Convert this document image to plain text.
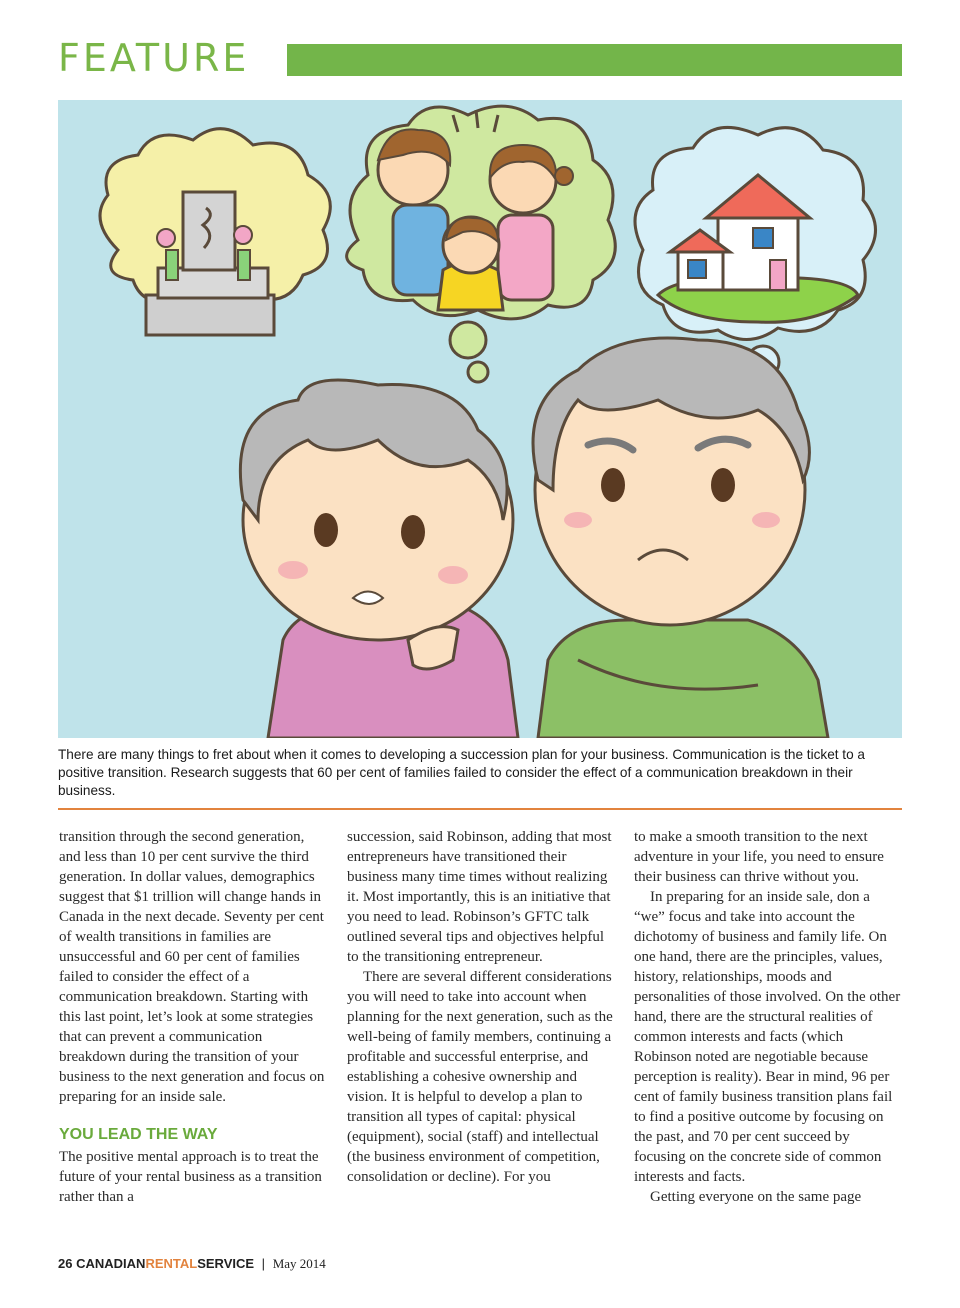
FEATURE
There are many things to fret about when it comes to developing a succession plan for your business. Communication is the ticket to a positive transition. Research suggests that 60 per cent of families failed to consider the effect of a communication breakdown in their business.

transition through the second generation, and less than 10 per cent survive the third generation. In dollar values, demographics suggest that $1 trillion will change hands in Canada in the next decade. Seventy per cent of wealth transitions in families are unsuccessful and 60 per cent of families failed to consider the effect of a communication breakdown. Starting with this last point, let’s look at some strategies that can prevent a communication breakdown during the transition of your business to the next generation and focus on preparing for an inside sale.

YOU LEAD THE WAY

The positive mental approach is to treat the future of your rental business as a transition rather than a

succession, said Robinson, adding that most entrepreneurs have transitioned their business many time times without realizing it. Most importantly, this is an initiative that you need to lead. Robinson’s GFTC talk outlined several tips and objectives helpful to the transitioning entrepreneur.

There are several different considerations you will need to take into account when planning for the next generation, such as the well-being of family members, continuing a profitable and successful enterprise, and establishing a cohesive ownership and vision. It is helpful to develop a plan to transition all types of capital: physical (equipment), social (staff) and intellectual (the business environment of competition, consolidation or decline). For you

to make a smooth transition to the next adventure in your life, you need to ensure their business can thrive without you.

In preparing for an inside sale, don a “we” focus and take into account the dichotomy of business and family life. On one hand, there are the principles, values, history, relationships, moods and personalities of those involved. On the other hand, there are the structural realities of common interests and facts (which Robinson noted are negotiable because perception is reality). Bear in mind, 96 per cent of family business transition plans fail to find a positive outcome by focusing on the past, and 70 per cent succeed by focusing on the concrete side of common interests and facts.

Getting everyone on the same page

26 CANADIANRENTALSERVICE | May 2014
